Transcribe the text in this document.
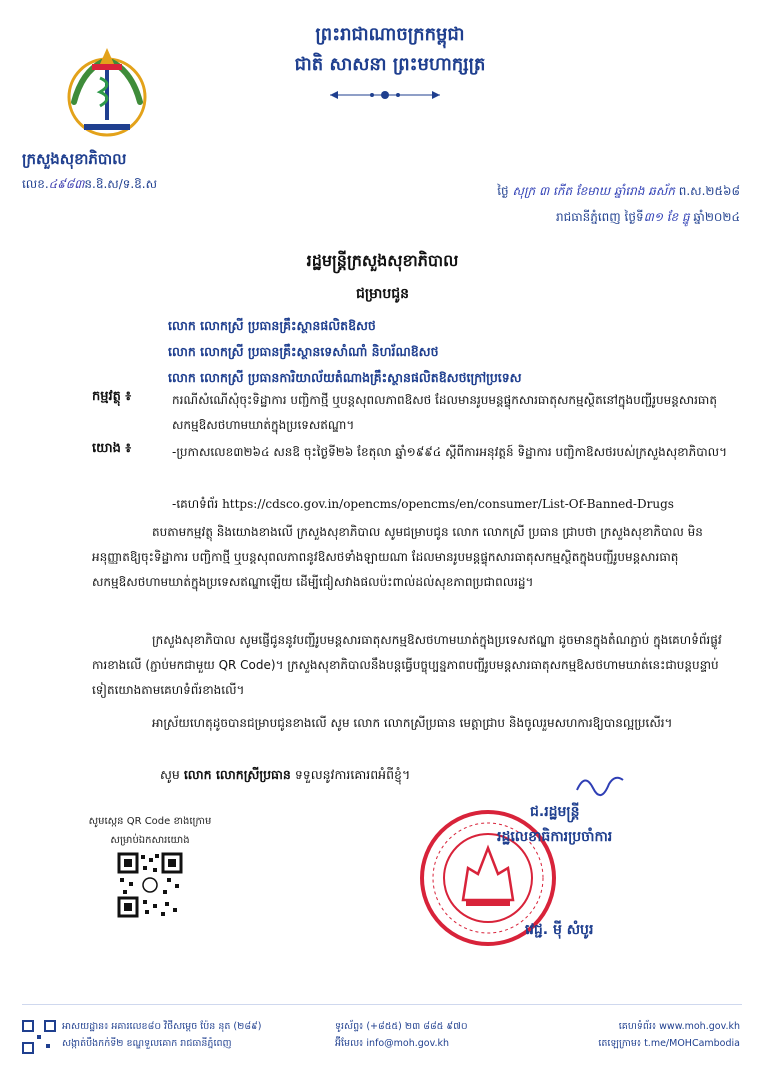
ព្រះរាជាណាចក្រកម្ពុជា
ជាតិ សាសនា ព្រះមហាក្សត្រ
ក្រសួងសុខាភិបាល
លេខ.៤៩៨៣ន.ឱ.ស/ទ.ឱ.ស	ថ្ងៃ សុក្រ ៣ កើត ខែមាឃ ឆ្នាំរោង ឆស័ក ព.ស.២៥៦៨
រាជធានីភ្នំពេញ ថ្ងៃទី៣១ ខែ ធ្នូ ឆ្នាំ២០២៤
រដ្ឋមន្ត្រីក្រសួងសុខាភិបាល
ជម្រាបជូន
លោក លោកស្រី ប្រធានគ្រឹះស្ថានផលិតឱសថ
លោក លោកស្រី ប្រធានគ្រឹះស្ថានទេសាំណាំ និហរ័ណឱសថ
លោក លោកស្រី ប្រធានការិយាល័យតំណាងគ្រឹះស្ថានផលិតឱសថក្រៅប្រទេស
កម្មវត្ថុ ៖	ករណីសំណើសុំចុះទិដ្ឋាការ បញ្ជិកាថ្មី ឬបន្តសុពលភាពឱសថ ដែលមានរូបមន្តផ្ទុកសារធាតុសកម្មស្ថិតនៅក្នុងបញ្ជីរូបមន្តសារធាតុសកម្មឱសថហាមឃាត់ក្នុងប្រទេសឥណ្ឌា។
យោង ៖	-ប្រកាសលេខ៣២៦៤ សនឱ ចុះថ្ងៃទី២៦ ខែតុលា ឆ្នាំ១៩៩៤ ស្ដីពីការអនុវត្តន៍ ទិដ្ឋាការ បញ្ជិកាឱសថរបស់ក្រសួងសុខាភិបាល។
-គេហទំព័រ https://cdsco.gov.in/opencms/opencms/en/consumer/List-Of-Banned-Drugs
តបតាមកម្មវត្ថុ និងយោងខាងលើ ក្រសួងសុខាភិបាល សូមជម្រាបជូន លោក លោកស្រី ប្រធាន ជ្រាបថា ក្រសួងសុខាភិបាល មិនអនុញ្ញាតឱ្យចុះទិដ្ឋាការ បញ្ជិកាថ្មី ឬបន្តសុពលភាពនូវឱសថទាំងឡាយណា ដែលមានរូបមន្តផ្ទុកសារធាតុសកម្មស្ថិតក្នុងបញ្ជីរូបមន្តសារធាតុសកម្មឱសថហាមឃាត់ក្នុងប្រទេសឥណ្ឌាឡើយ ដើម្បីជៀសវាងផលប៉ះពាល់ដល់សុខភាពប្រជាពលរដ្ឋ។
ក្រសួងសុខាភិបាល សូមផ្ញើជូននូវបញ្ជីរូបមន្តសារធាតុសកម្មឱសថហាមឃាត់ក្នុងប្រទេសឥណ្ឌា ដូចមានក្នុងតំណភ្ជាប់ ក្នុងគេហទំព័រផ្លូវការខាងលើ (ភ្ជាប់មកជាមួយ QR Code)។ ក្រសួងសុខាភិបាលនឹងបន្តធ្វើបច្ចុប្បន្នភាពបញ្ជីរូបមន្តសារធាតុសកម្មឱសថហាមឃាត់នេះជាបន្តបន្ទាប់ទៀតយោងតាមគេហទំព័រខាងលើ។
អាស្រ័យហេតុដូចបានជម្រាបជូនខាងលើ សូម លោក លោកស្រីប្រធាន មេត្តាជ្រាប និងចូលរួមសហការឱ្យបានល្អប្រសើរ។
សូម លោក លោកស្រីប្រធាន ទទួលនូវការគោរពអំពីខ្ញុំ។
ជ.រដ្ឋមន្ត្រី
រដ្ឋលេខាធិការប្រចាំការ
វេជ្ជ. មុី សំបូរ
សូមស្កេន QR Code ខាងក្រោម
សម្រាប់ឯកសារយោង
អាសយដ្ឋាន៖ អគារលេខ៨០ វិថីសម្ដេច ប៉ែន នុត (២៨៩)
សង្កាត់បឹងកក់ទី២ ខណ្ឌទួលគោក រាជធានីភ្នំពេញ
ទូរស័ព្ទ៖ (+៨៥៥) ២៣ ៨៨៥ ៩៧០
អ៊ីមែល៖ info@moh.gov.kh
គេហទំព័រ៖ www.moh.gov.kh
តេឡេក្រាម៖ t.me/MOHCambodia
